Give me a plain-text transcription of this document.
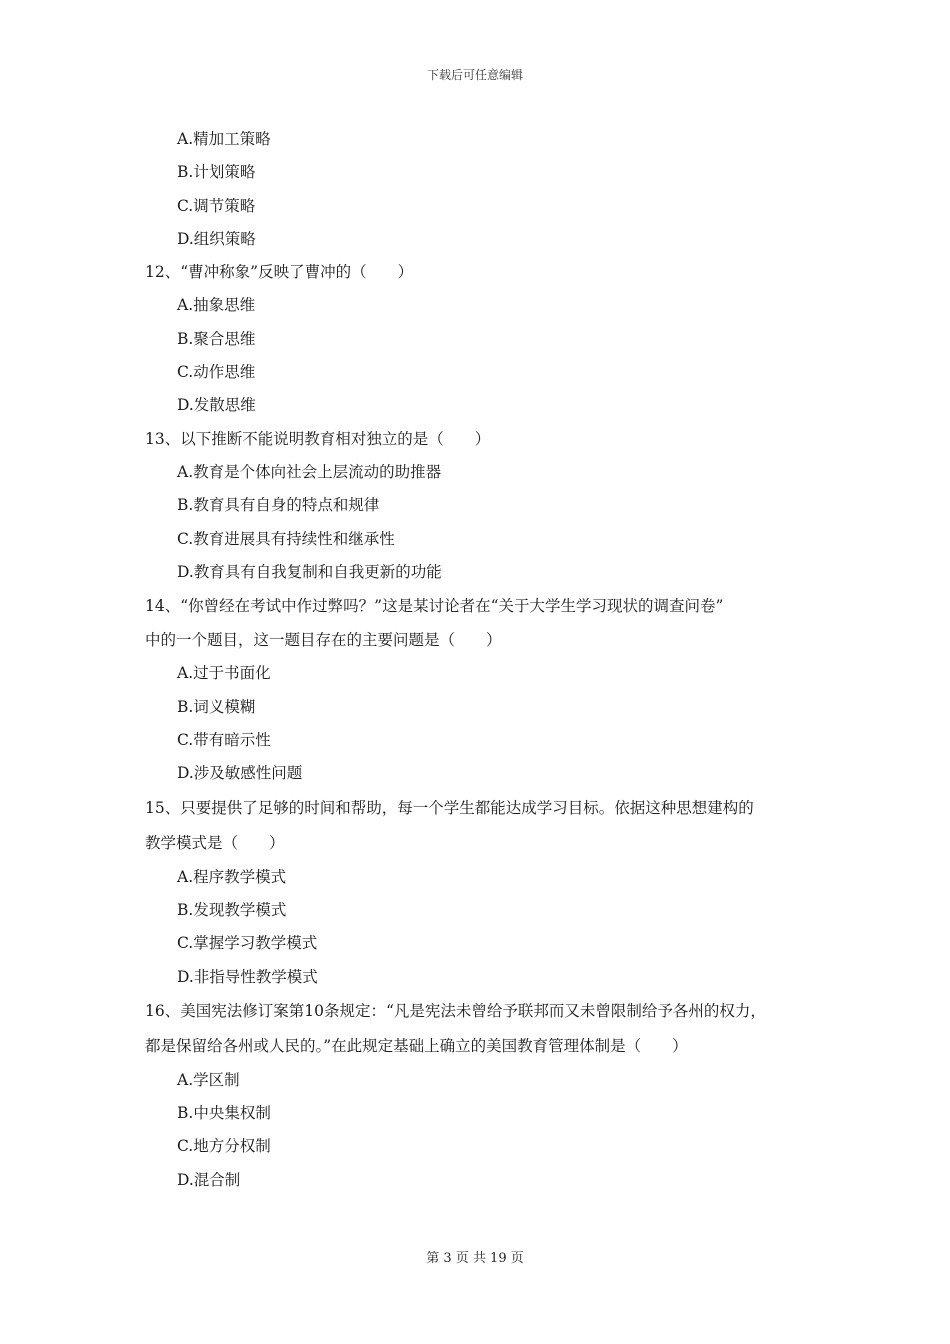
下载后可任意编辑
A.精加工策略
B.计划策略
C.调节策略
D.组织策略
12、“曹冲称象”反映了曹冲的（　　）
A.抽象思维
B.聚合思维
C.动作思维
D.发散思维
13、以下推断不能说明教育相对独立的是（　　）
A.教育是个体向社会上层流动的助推器
B.教育具有自身的特点和规律
C.教育进展具有持续性和继承性
D.教育具有自我复制和自我更新的功能
14、“你曾经在考试中作过弊吗？”这是某讨论者在“关于大学生学习现状的调查问卷”
中的一个题目，这一题目存在的主要问题是（　　）
A.过于书面化
B.词义模糊
C.带有暗示性
D.涉及敏感性问题
15、只要提供了足够的时间和帮助，每一个学生都能达成学习目标。依据这种思想建构的
教学模式是（　　）
A.程序教学模式
B.发现教学模式
C.掌握学习教学模式
D.非指导性教学模式
16、美国宪法修订案第10条规定：“凡是宪法未曾给予联邦而又未曾限制给予各州的权力，
都是保留给各州或人民的。”在此规定基础上确立的美国教育管理体制是（　　）
A.学区制
B.中央集权制
C.地方分权制
D.混合制
第 3 页 共 19 页
